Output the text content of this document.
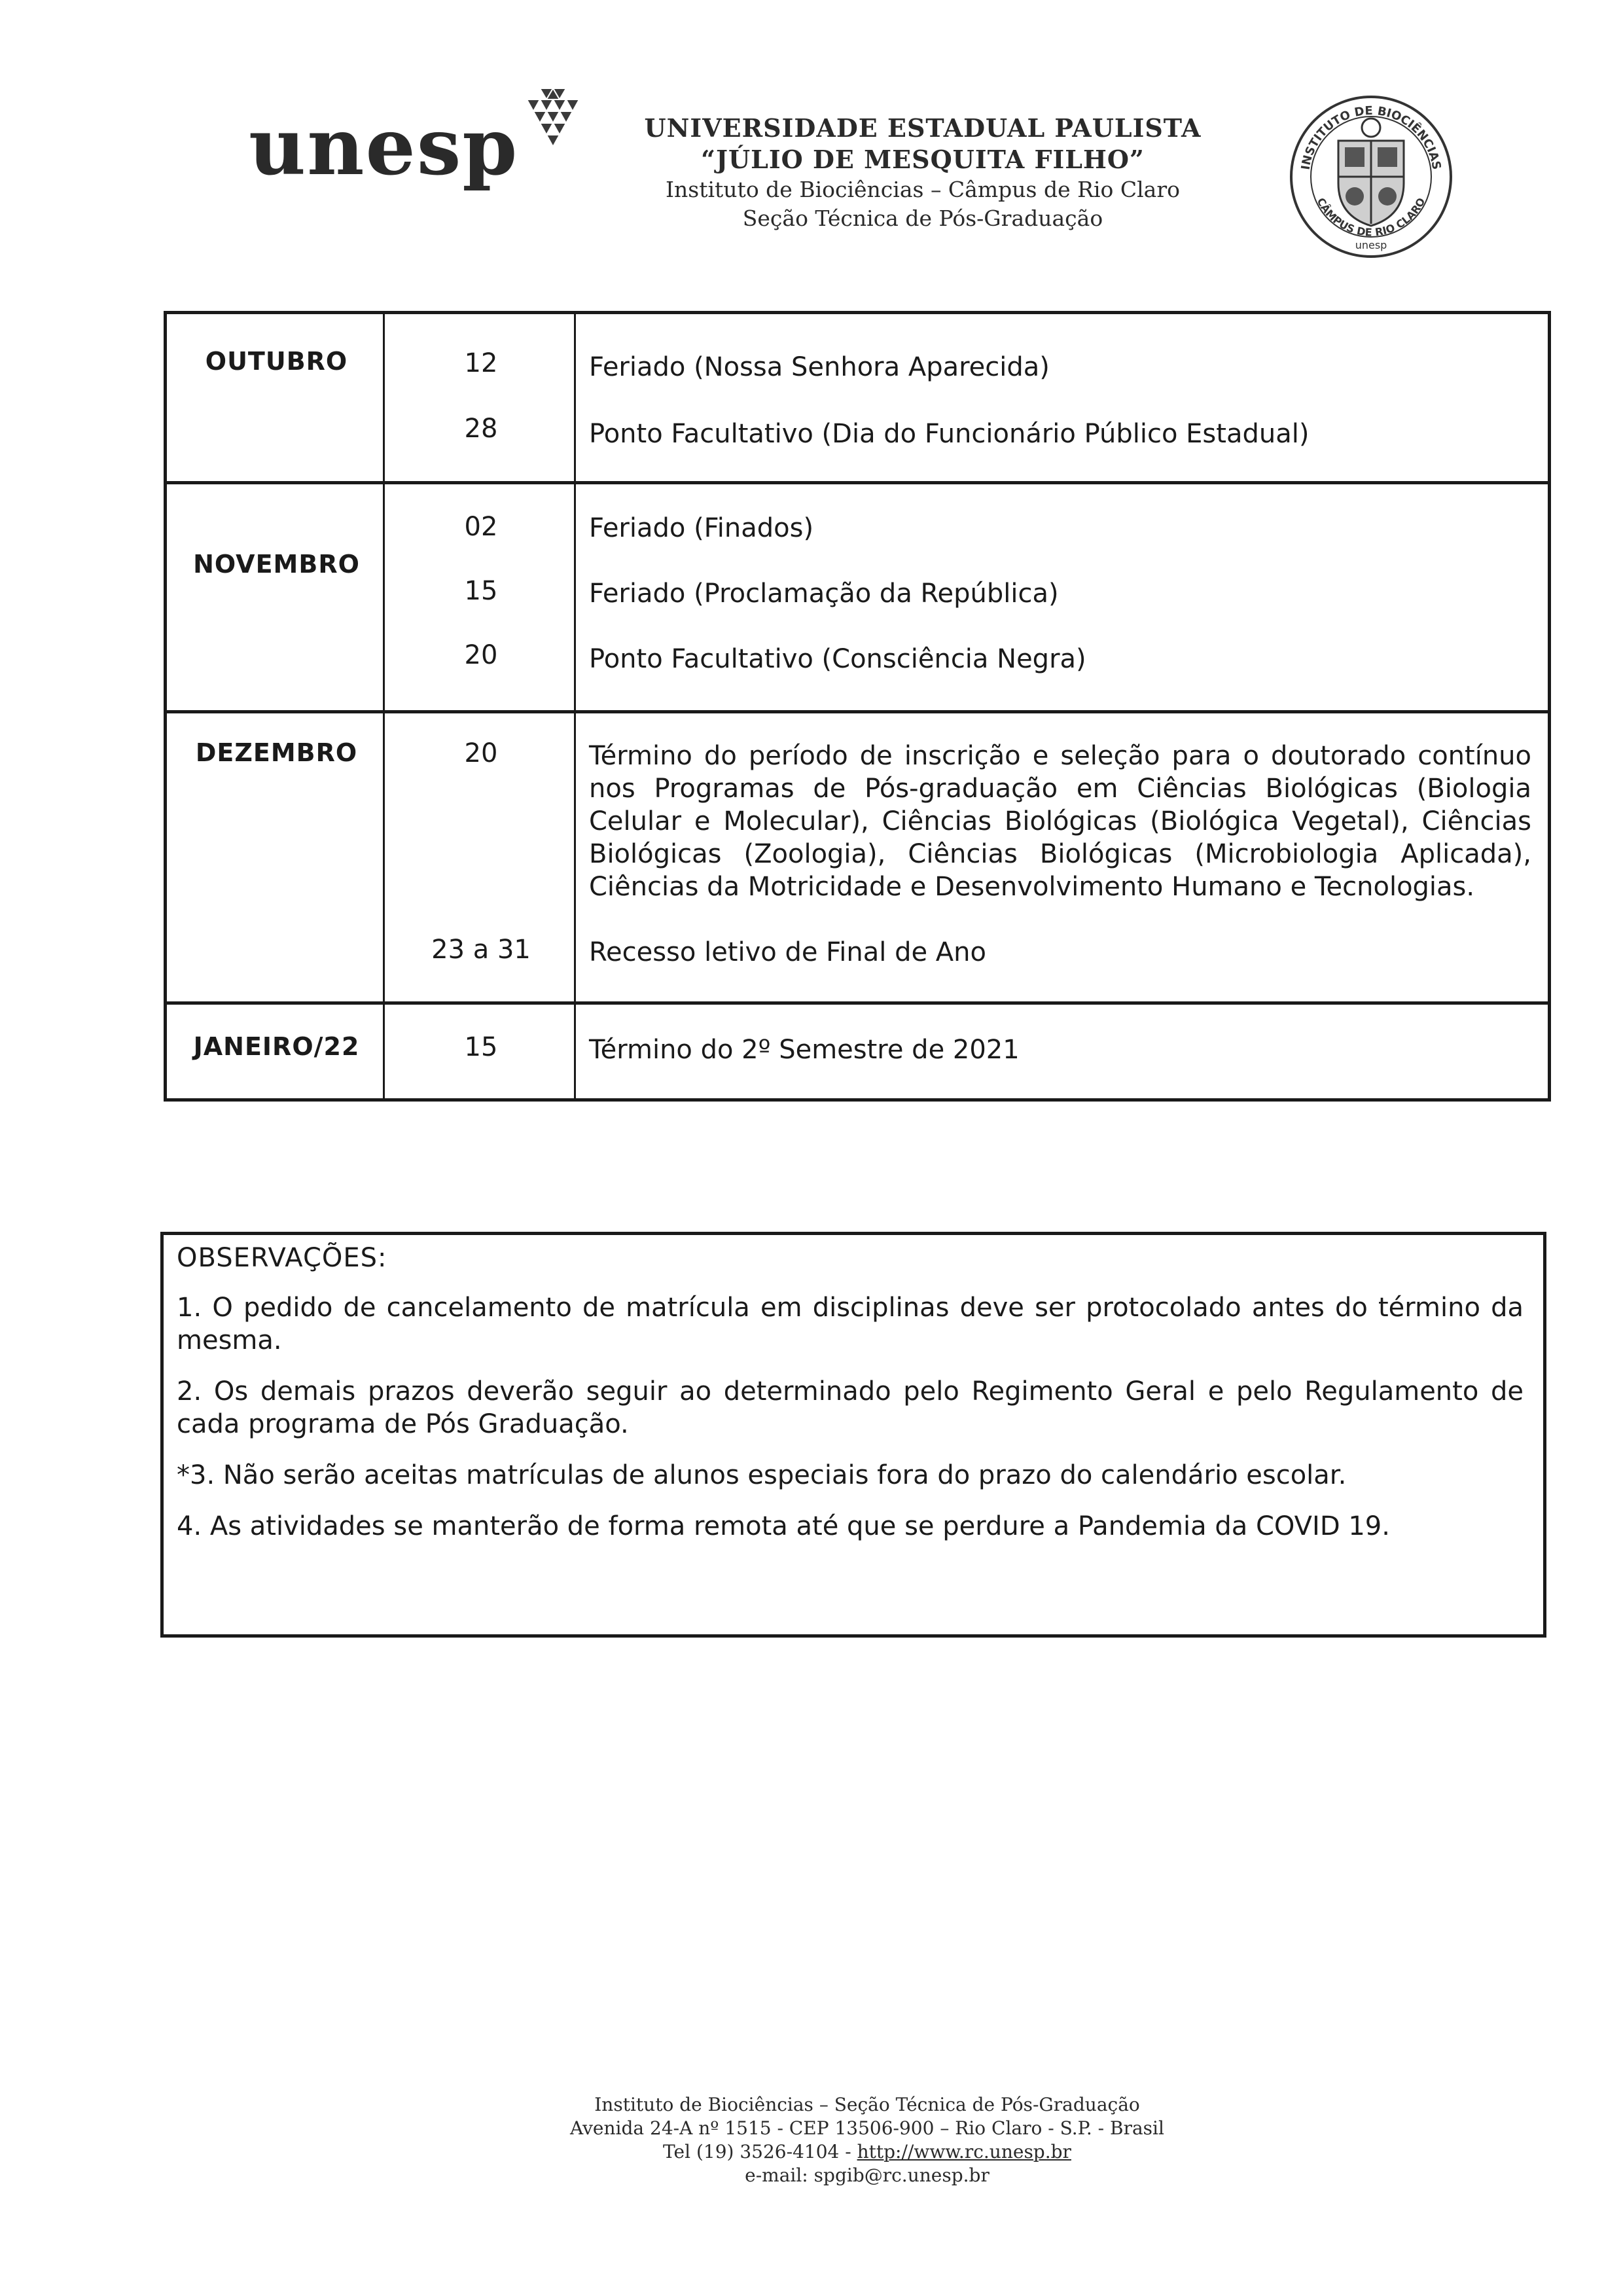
unesp	UNIVERSIDADE ESTADUAL PAULISTA
“JÚLIO DE MESQUITA FILHO”
Instituto de Biociências – Câmpus de Rio Claro
Seção Técnica de Pós-Graduação
INSTITUTO DE BIOCIÊNCIAS
CÂMPUS DE RIO CLARO
unesp
OUTUBRO	12	Feriado (Nossa Senhora Aparecida)
28	Ponto Facultativo (Dia do Funcionário Público Estadual)
NOVEMBRO
02	Feriado (Finados)
15	Feriado (Proclamação da República)
20	Ponto Facultativo (Consciência Negra)
DEZEMBRO	20	Término do período de inscrição e seleção para o doutorado contínuo nos Programas de Pós-graduação em Ciências Biológicas (Biologia Celular e Molecular), Ciências Biológicas (Biológica Vegetal), Ciências Biológicas (Zoologia), Ciências Biológicas (Microbiologia Aplicada), Ciências da Motricidade e Desenvolvimento Humano e Tecnologias.
23 a 31	Recesso letivo de Final de Ano
JANEIRO/22	15	Término do 2º Semestre de 2021
OBSERVAÇÕES:
1. O pedido de cancelamento de matrícula em disciplinas deve ser protocolado antes do término da mesma.
2. Os demais prazos deverão seguir ao determinado pelo Regimento Geral e pelo Regulamento de cada programa de Pós Graduação.
*3. Não serão aceitas matrículas de alunos especiais fora do prazo do calendário escolar.
4. As atividades se manterão de forma remota até que se perdure a Pandemia da COVID 19.
Instituto de Biociências – Seção Técnica de Pós-Graduação
Avenida 24-A nº 1515 - CEP 13506-900 – Rio Claro - S.P. - Brasil
Tel (19) 3526-4104 - http://www.rc.unesp.br
e-mail: spgib@rc.unesp.br
